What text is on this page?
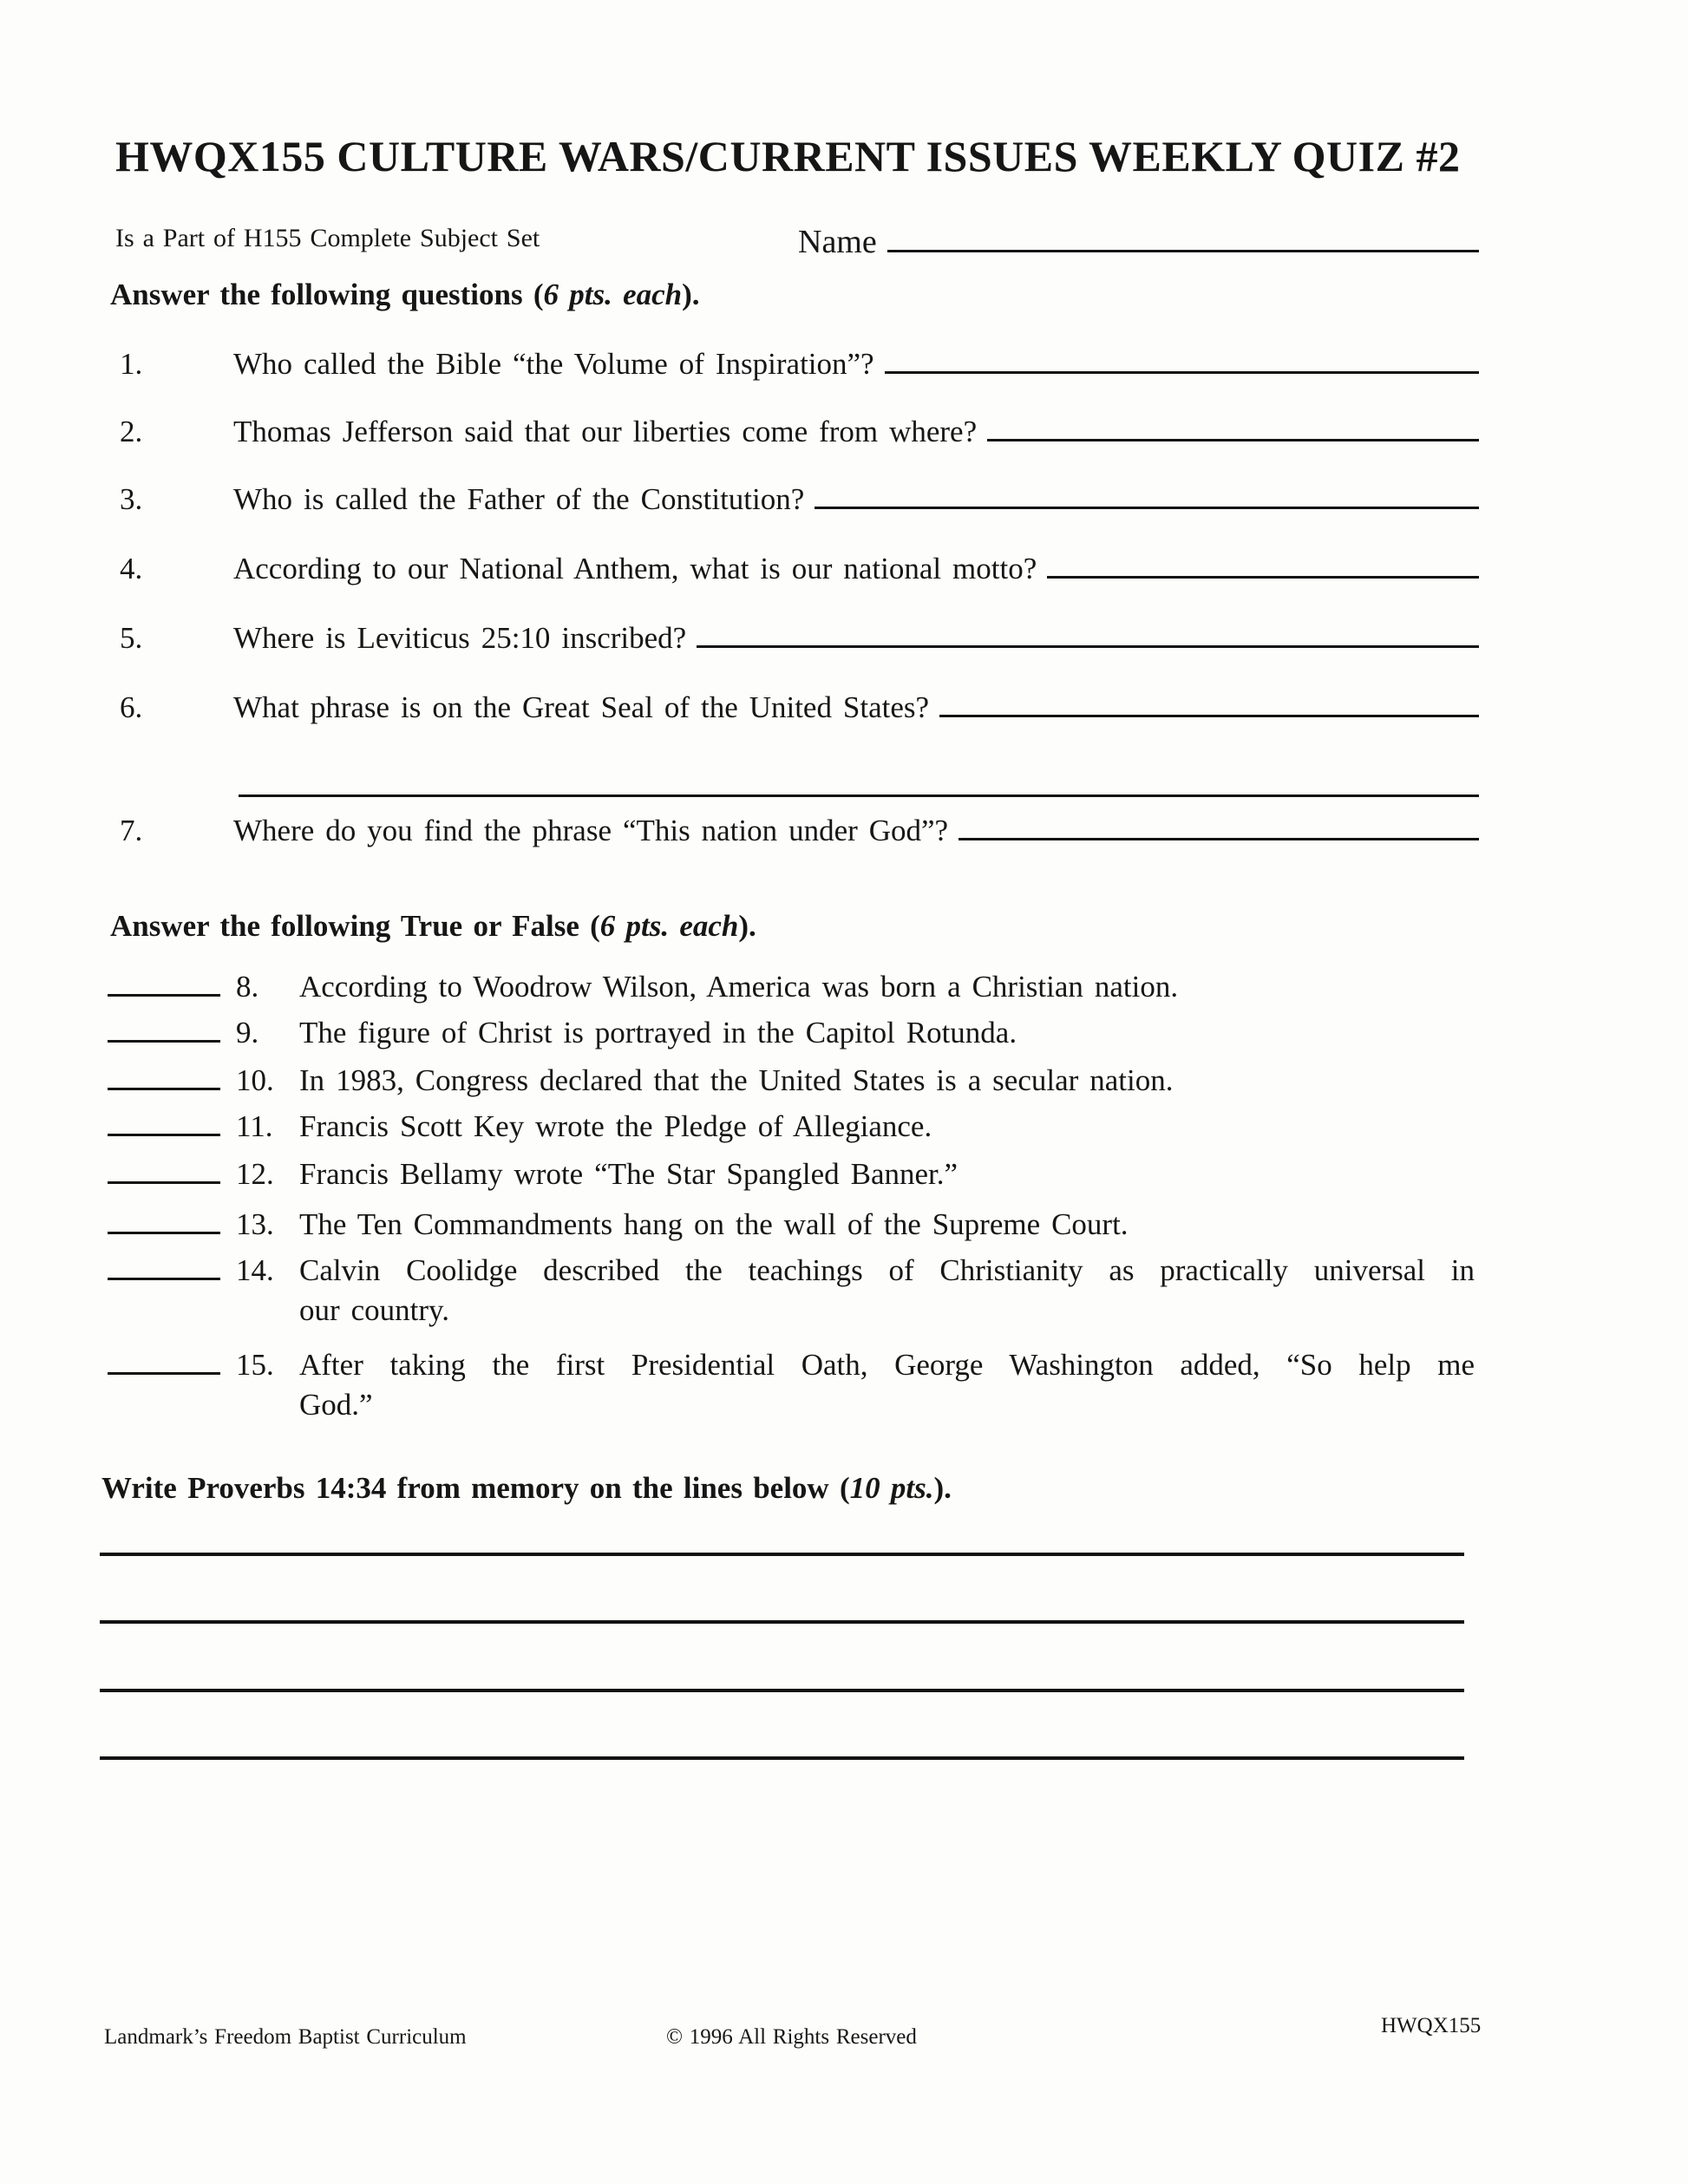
HWQX155 CULTURE WARS/CURRENT ISSUES WEEKLY QUIZ #2
Is a Part of H155 Complete Subject Set	Name
Answer the following questions (6 pts. each).
1.	Who called the Bible “the Volume of Inspiration”?
2.	Thomas Jefferson said that our liberties come from where?
3.	Who is called the Father of the Constitution?
4.	According to our National Anthem, what is our national motto?
5.	Where is Leviticus 25:10 inscribed?
6.	What phrase is on the Great Seal of the United States?
7.	Where do you find the phrase “This nation under God”?
Answer the following True or False (6 pts. each).
8.	According to Woodrow Wilson, America was born a Christian nation.
9.	The figure of Christ is portrayed in the Capitol Rotunda.
10. In 1983, Congress declared that the United States is a secular nation.
11. Francis Scott Key wrote the Pledge of Allegiance.
12. Francis Bellamy wrote “The Star Spangled Banner.”
13. The Ten Commandments hang on the wall of the Supreme Court.
14. Calvin Coolidge described the teachings of Christianity as practically universal in
our country.
15. After taking the first Presidential Oath, George Washington added, “So help me
God.”
Write Proverbs 14:34 from memory on the lines below (10 pts.).
Landmark’s Freedom Baptist Curriculum	© 1996 All Rights Reserved	HWQX155
